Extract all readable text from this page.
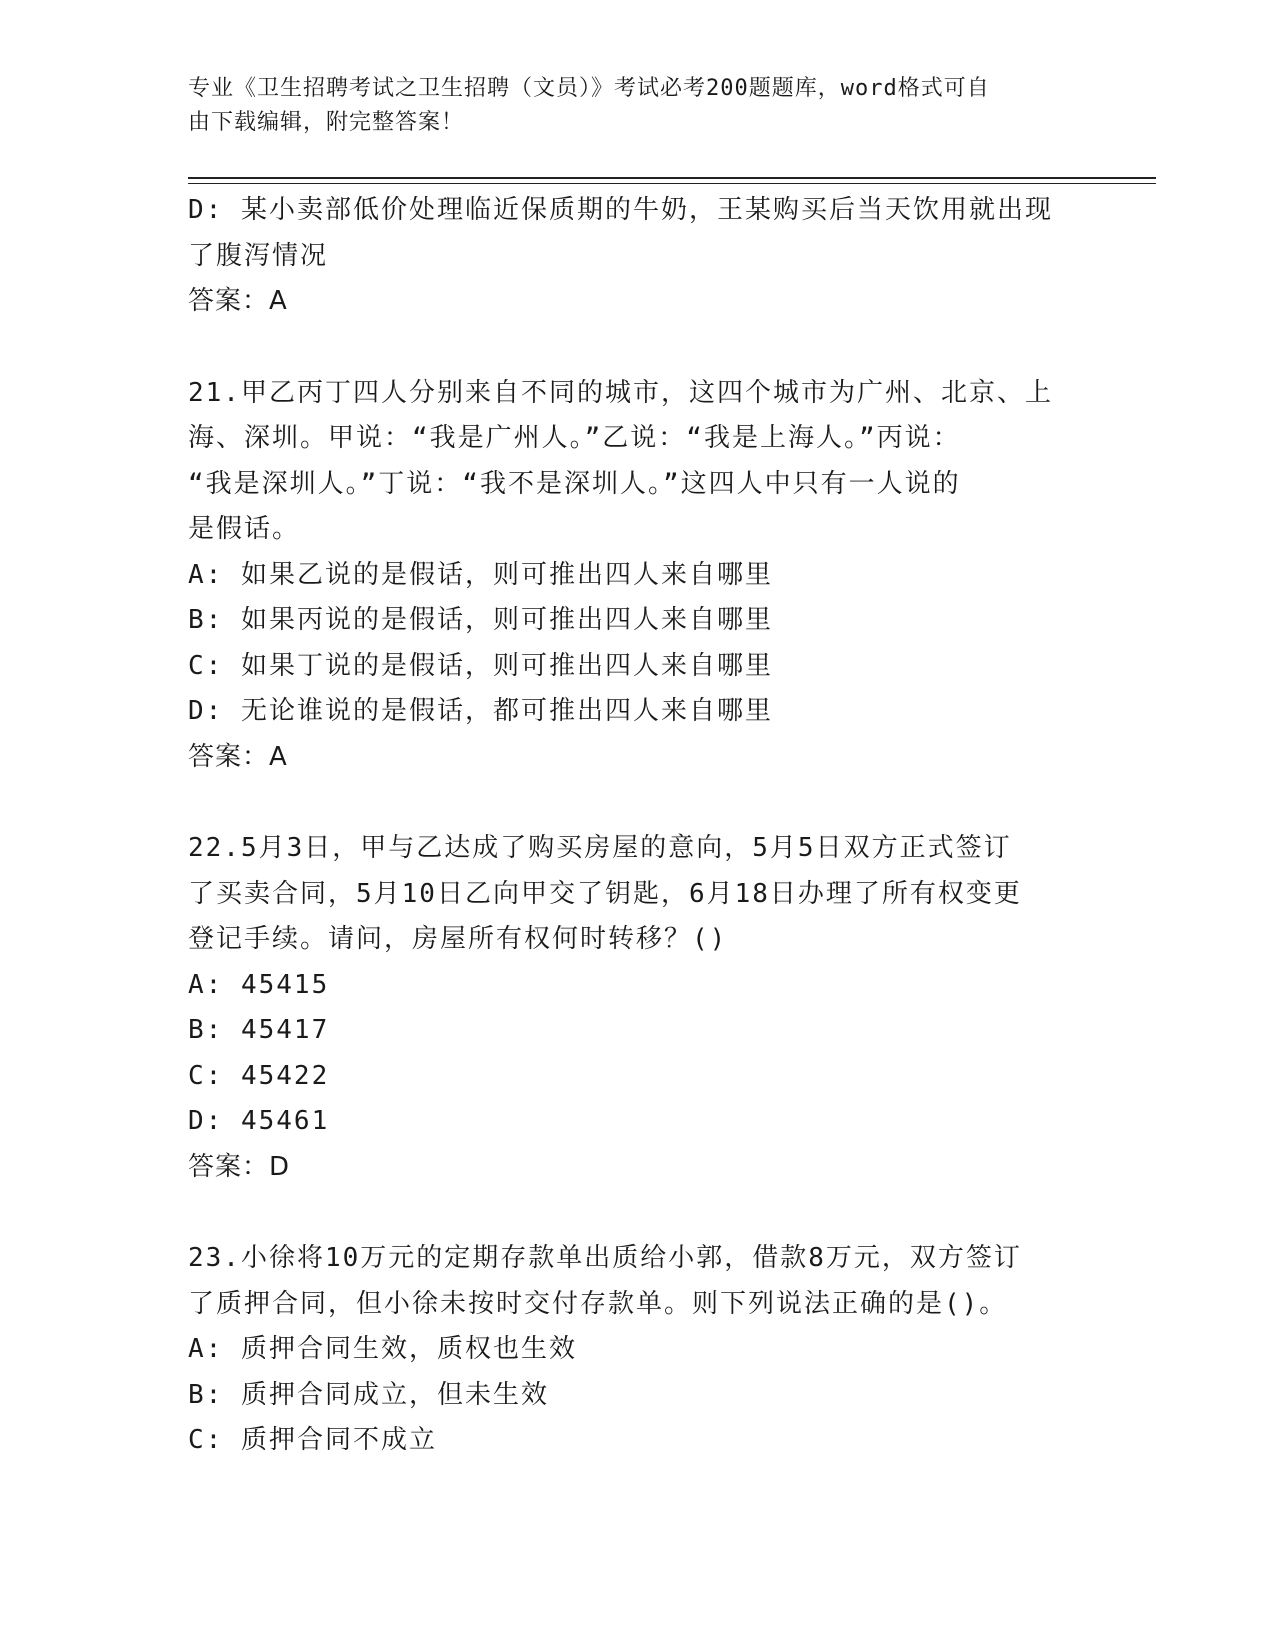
专业《卫生招聘考试之卫生招聘（文员）》考试必考200题题库，word格式可自
由下载编辑，附完整答案！
D: 某小卖部低价处理临近保质期的牛奶，王某购买后当天饮用就出现
了腹泻情况
答案：A
21.甲乙丙丁四人分别来自不同的城市，这四个城市为广州、北京、上
海、深圳。甲说：“我是广州人。”乙说：“我是上海人。”丙说：
“我是深圳人。”丁说：“我不是深圳人。”这四人中只有一人说的
是假话。
A: 如果乙说的是假话，则可推出四人来自哪里
B: 如果丙说的是假话，则可推出四人来自哪里
C: 如果丁说的是假话，则可推出四人来自哪里
D: 无论谁说的是假话，都可推出四人来自哪里
答案：A
22.5月3日，甲与乙达成了购买房屋的意向，5月5日双方正式签订
了买卖合同，5月10日乙向甲交了钥匙，6月18日办理了所有权变更
登记手续。请问，房屋所有权何时转移？()
A: 45415
B: 45417
C: 45422
D: 45461
答案：D
23.小徐将10万元的定期存款单出质给小郭，借款8万元，双方签订
了质押合同，但小徐未按时交付存款单。则下列说法正确的是()。
A: 质押合同生效，质权也生效
B: 质押合同成立，但未生效
C: 质押合同不成立
